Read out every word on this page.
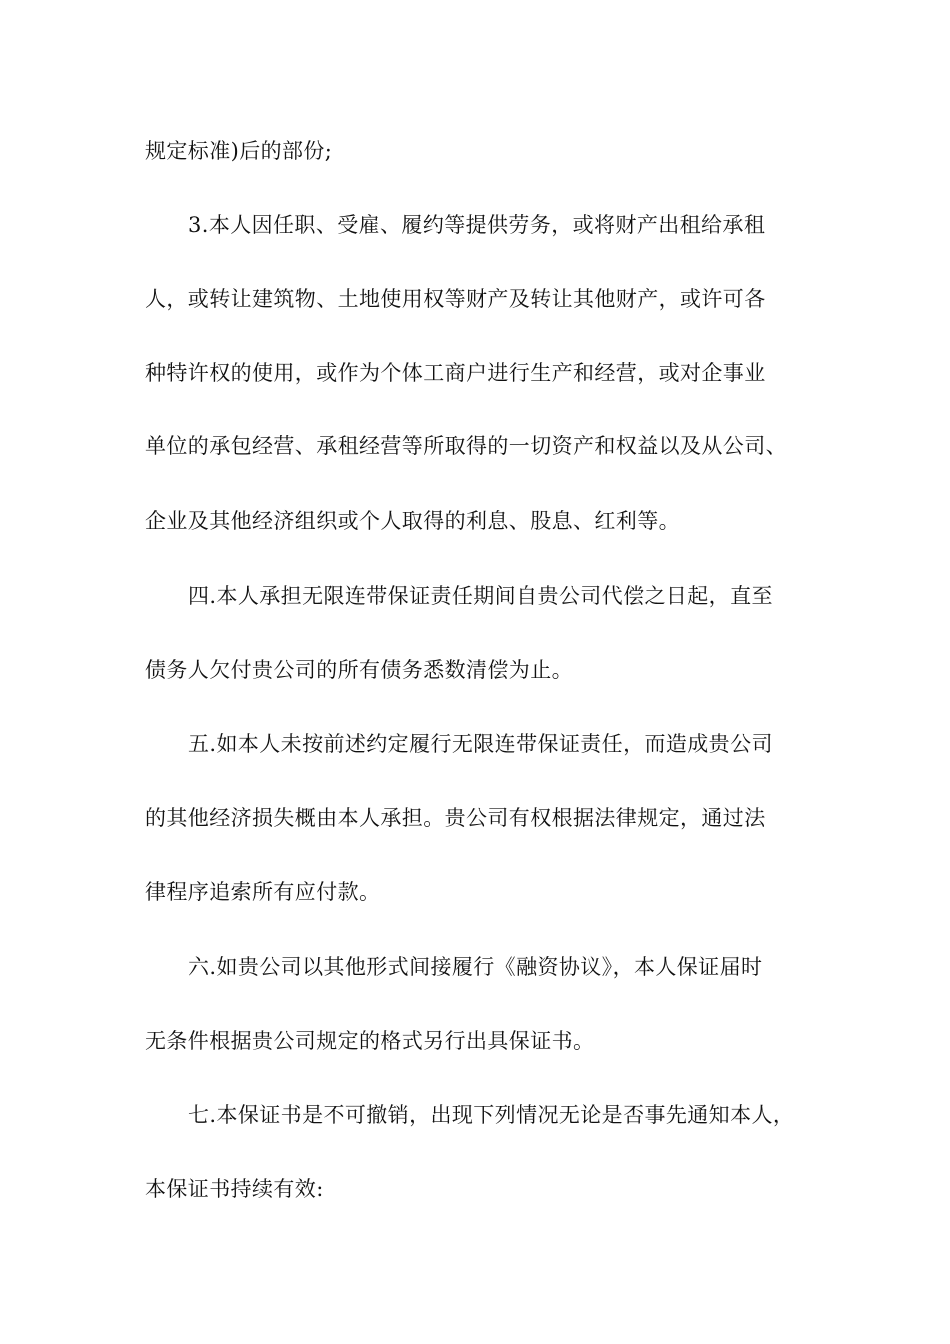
规定标准)后的部份;
3.本人因任职、受雇、履约等提供劳务，或将财产出租给承租
人，或转让建筑物、土地使用权等财产及转让其他财产，或许可各
种特许权的使用，或作为个体工商户进行生产和经营，或对企事业
单位的承包经营、承租经营等所取得的一切资产和权益以及从公司、
企业及其他经济组织或个人取得的利息、股息、红利等。
四.本人承担无限连带保证责任期间自贵公司代偿之日起，直至
债务人欠付贵公司的所有债务悉数清偿为止。
五.如本人未按前述约定履行无限连带保证责任，而造成贵公司
的其他经济损失概由本人承担。贵公司有权根据法律规定，通过法
律程序追索所有应付款。
六.如贵公司以其他形式间接履行《融资协议》，本人保证届时
无条件根据贵公司规定的格式另行出具保证书。
七.本保证书是不可撤销，出现下列情况无论是否事先通知本人，
本保证书持续有效:
